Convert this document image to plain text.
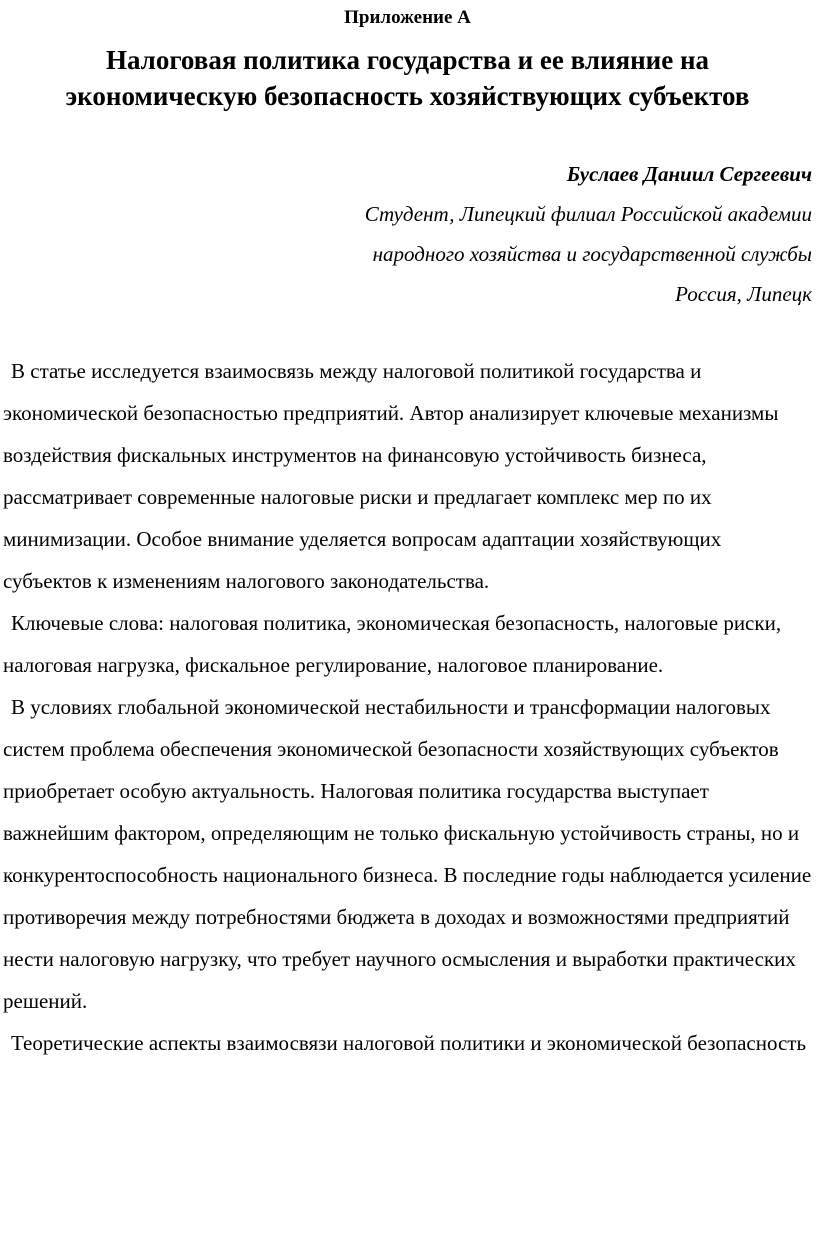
Приложение А
Налоговая политика государства и ее влияние на
экономическую безопасность хозяйствующих субъектов
Буслаев Даниил Сергеевич
Студент, Липецкий филиал Российской академии
народного хозяйства и государственной службы
Россия, Липецк

В статье исследуется взаимосвязь между налоговой политикой государства и экономической безопасностью предприятий. Автор анализирует ключевые механизмы воздействия фискальных инструментов на финансовую устойчивость бизнеса, рассматривает современные налоговые риски и предлагает комплекс мер по их минимизации. Особое внимание уделяется вопросам адаптации хозяйствующих субъектов к изменениям налогового законодательства.

Ключевые слова: налоговая политика, экономическая безопасность, налоговые риски, налоговая нагрузка, фискальное регулирование, налоговое планирование.

В условиях глобальной экономической нестабильности и трансформации налоговых систем проблема обеспечения экономической безопасности хозяйствующих субъектов приобретает особую актуальность. Налоговая политика государства выступает важнейшим фактором, определяющим не только фискальную устойчивость страны, но и конкурентоспособность национального бизнеса. В последние годы наблюдается усиление противоречия между потребностями бюджета в доходах и возможностями предприятий нести налоговую нагрузку, что требует научного осмысления и выработки практических решений.

Теоретические аспекты взаимосвязи налоговой политики и экономической безопасность
